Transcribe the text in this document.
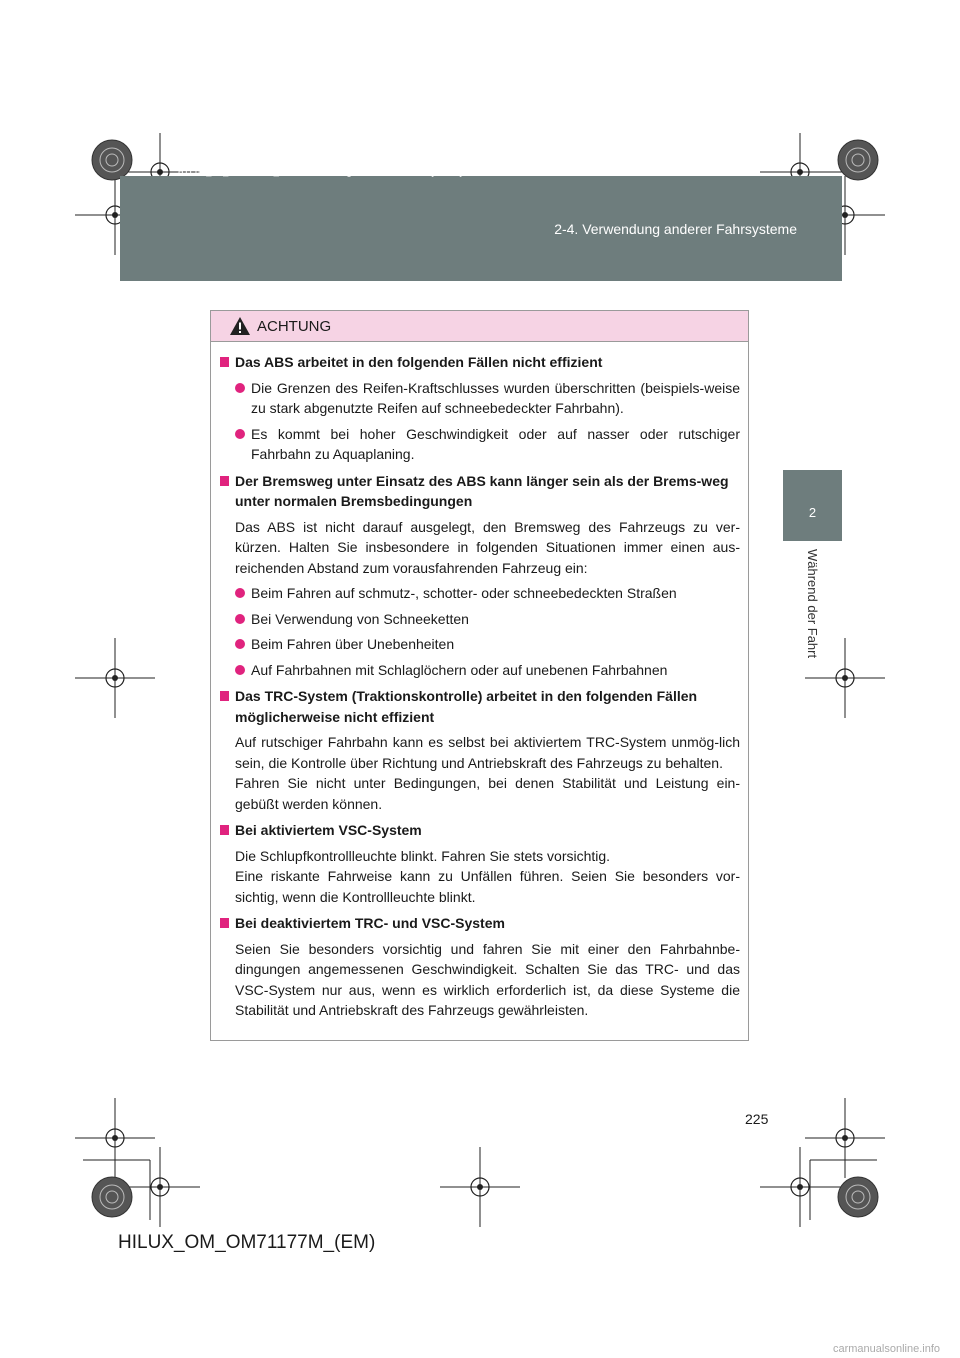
HILUX_OM_OM71177M_(EM).book Page 225 Wednesday, May 16, 2012 1:28 PM
2-4. Verwendung anderer Fahrsysteme
2
Während der Fahrt
ACHTUNG
Das ABS arbeitet in den folgenden Fällen nicht effizient
Die Grenzen des Reifen-Kraftschlusses wurden überschritten (beispiels-weise zu stark abgenutzte Reifen auf schneebedeckter Fahrbahn).
Es kommt bei hoher Geschwindigkeit oder auf nasser oder rutschiger Fahrbahn zu Aquaplaning.
Der Bremsweg unter Einsatz des ABS kann länger sein als der Brems-weg unter normalen Bremsbedingungen
Das ABS ist nicht darauf ausgelegt, den Bremsweg des Fahrzeugs zu ver-kürzen. Halten Sie insbesondere in folgenden Situationen immer einen aus-reichenden Abstand zum vorausfahrenden Fahrzeug ein:
Beim Fahren auf schmutz-, schotter- oder schneebedeckten Straßen
Bei Verwendung von Schneeketten
Beim Fahren über Unebenheiten
Auf Fahrbahnen mit Schlaglöchern oder auf unebenen Fahrbahnen
Das TRC-System (Traktionskontrolle) arbeitet in den folgenden Fällen möglicherweise nicht effizient
Auf rutschiger Fahrbahn kann es selbst bei aktiviertem TRC-System unmög-lich sein, die Kontrolle über Richtung und Antriebskraft des Fahrzeugs zu behalten.
Fahren Sie nicht unter Bedingungen, bei denen Stabilität und Leistung ein-gebüßt werden können.
Bei aktiviertem VSC-System
Die Schlupfkontrollleuchte blinkt. Fahren Sie stets vorsichtig.
Eine riskante Fahrweise kann zu Unfällen führen. Seien Sie besonders vor-sichtig, wenn die Kontrollleuchte blinkt.
Bei deaktiviertem TRC- und VSC-System
Seien Sie besonders vorsichtig und fahren Sie mit einer den Fahrbahnbe-dingungen angemessenen Geschwindigkeit. Schalten Sie das TRC- und das VSC-System nur aus, wenn es wirklich erforderlich ist, da diese Systeme die Stabilität und Antriebskraft des Fahrzeugs gewährleisten.
225
HILUX_OM_OM71177M_(EM)
carmanualsonline.info
